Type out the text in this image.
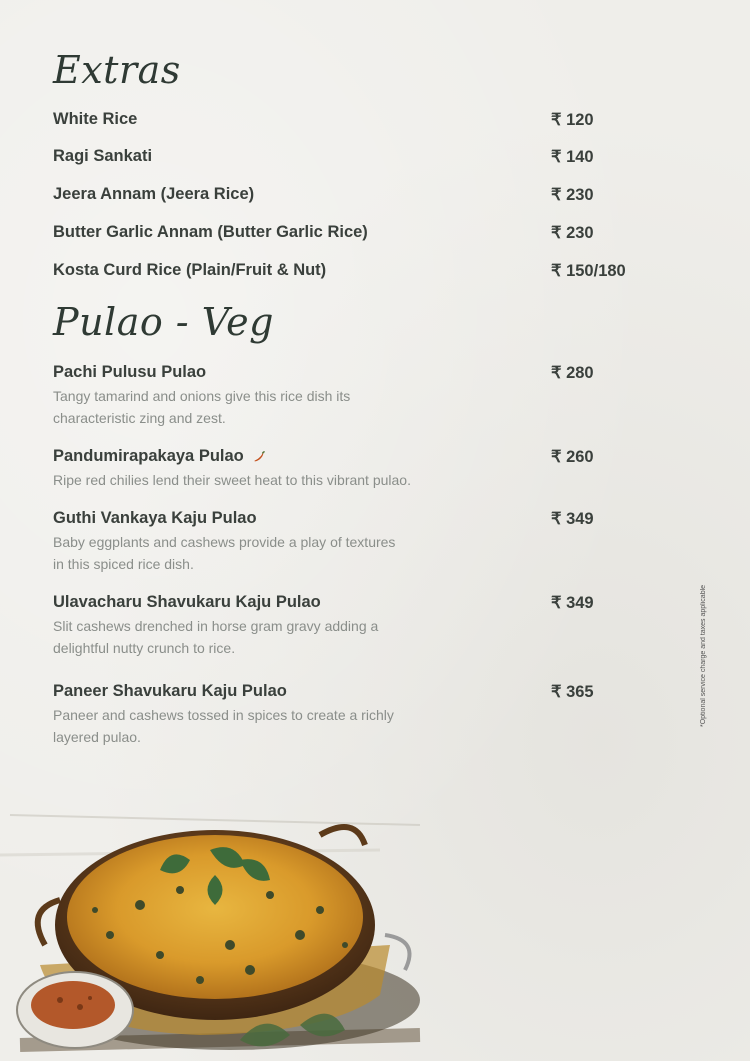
Extras

White Rice	₹ 120

Ragi Sankati	₹ 140

Jeera Annam (Jeera Rice)	₹ 230

Butter Garlic Annam (Butter Garlic Rice)	₹ 230

Kosta Curd Rice (Plain/Fruit & Nut)	₹ 150/180

Pulao - Veg

Pachi Pulusu Pulao	₹ 280

Tangy tamarind and onions give this rice dish its
characteristic zing and zest.

Pandumirapakaya Pulao	₹ 260

Ripe red chilies lend their sweet heat to this vibrant pulao.

Guthi Vankaya Kaju Pulao	₹ 349

Baby eggplants and cashews provide a play of textures
in this spiced rice dish.

Ulavacharu Shavukaru Kaju Pulao	₹ 349

Slit cashews drenched in horse gram gravy adding a
delightful nutty crunch to rice.

Paneer Shavukaru Kaju Pulao	₹ 365

Paneer and cashews tossed in spices to create a richly
layered pulao.

*Optional service charge and taxes applicable
